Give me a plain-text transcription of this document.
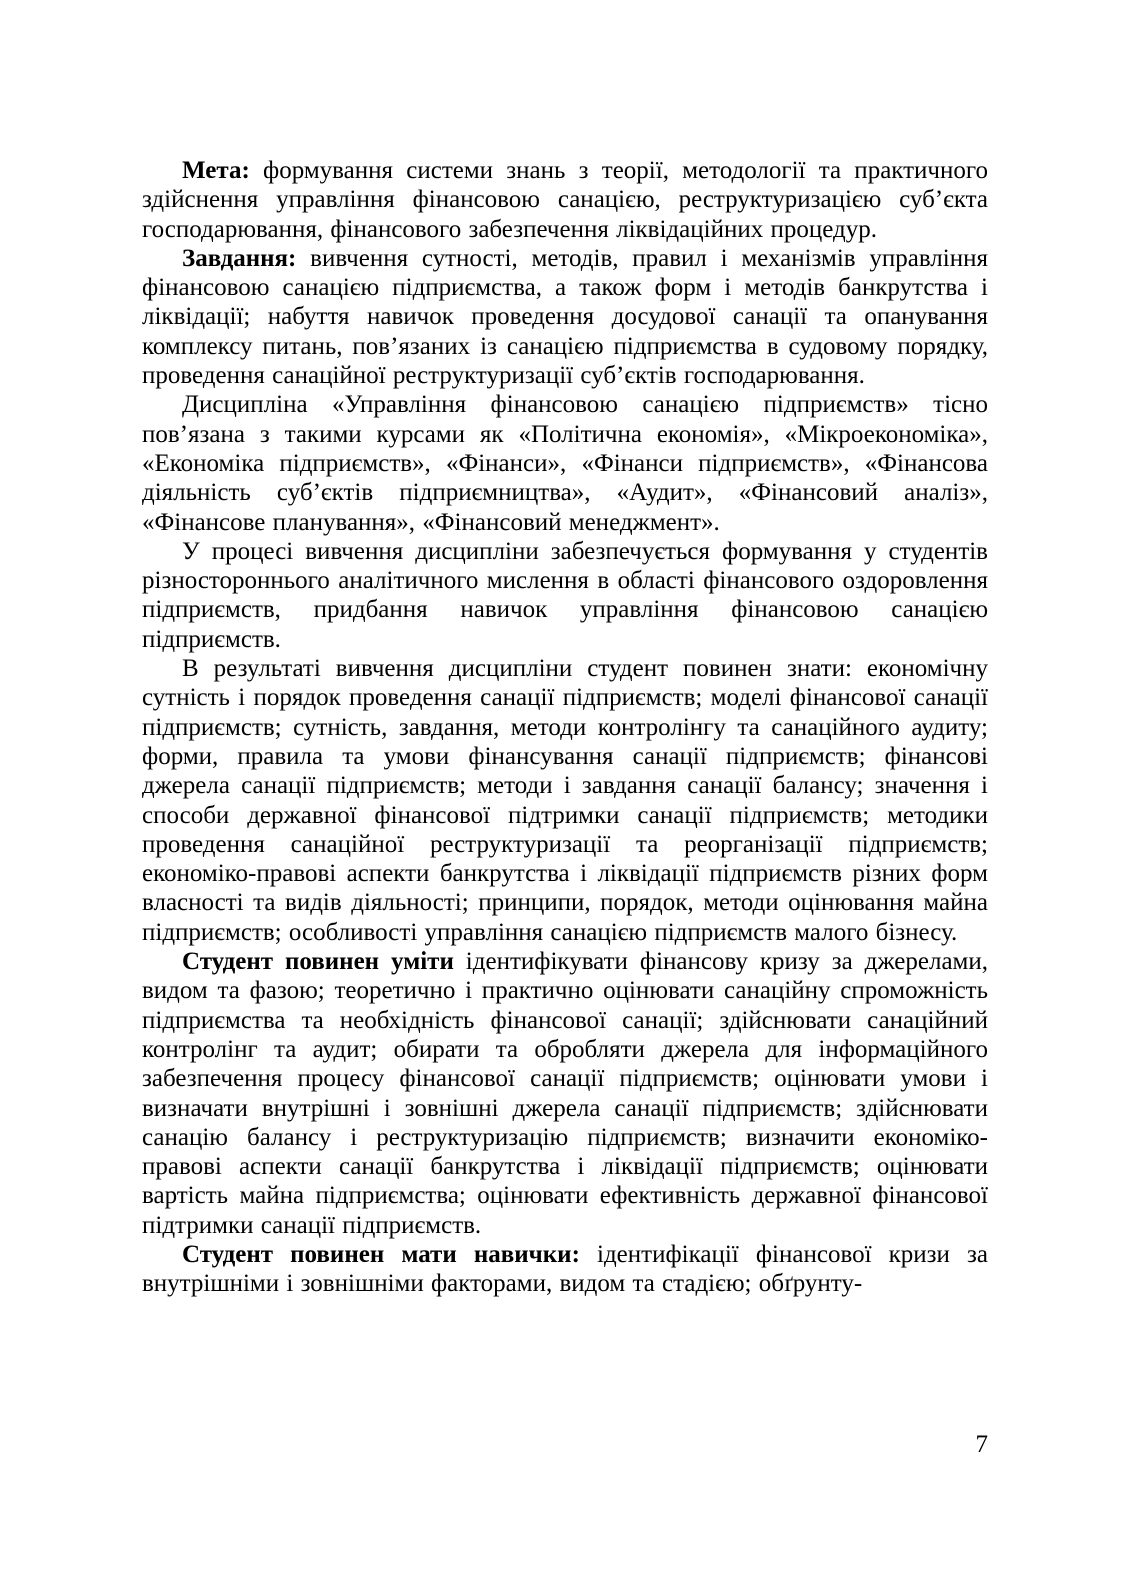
Мета: формування системи знань з теорії, методології та практичного здійснення управління фінансовою санацією, реструктуризацією суб’єкта господарювання, фінансового забезпечення ліквідаційних процедур.

Завдання: вивчення сутності, методів, правил і механізмів управління фінансовою санацією підприємства, а також форм і методів банкрутства і ліквідації; набуття навичок проведення досудової санації та опанування комплексу питань, пов’язаних із санацією підприємства в судовому порядку, проведення санаційної реструктуризації суб’єктів господарювання.

Дисципліна «Управління фінансовою санацією підприємств» тісно пов’язана з такими курсами як «Політична економія», «Мікроекономіка», «Економіка підприємств», «Фінанси», «Фінанси підприємств», «Фінансова діяльність суб’єктів підприємництва», «Аудит», «Фінансовий аналіз», «Фінансове планування», «Фінансовий менеджмент».

У процесі вивчення дисципліни забезпечується формування у студентів різностороннього аналітичного мислення в області фінансового оздоровлення підприємств, придбання навичок управління фінансовою санацією підприємств.

В результаті вивчення дисципліни студент повинен знати: економічну сутність і порядок проведення санації підприємств; моделі фінансової санації підприємств; сутність, завдання, методи контролінгу та санаційного аудиту; форми, правила та умови фінансування санації підприємств; фінансові джерела санації підприємств; методи і завдання санації балансу; значення і способи державної фінансової підтримки санації підприємств; методики проведення санаційної реструктуризації та реорганізації підприємств; економіко-правові аспекти банкрутства і ліквідації підприємств різних форм власності та видів діяльності; принципи, порядок, методи оцінювання майна підприємств; особливості управління санацією підприємств малого бізнесу.

Студент повинен уміти ідентифікувати фінансову кризу за джерелами, видом та фазою; теоретично і практично оцінювати санаційну спроможність підприємства та необхідність фінансової санації; здійснювати санаційний контролінг та аудит; обирати та обробляти джерела для інформаційного забезпечення процесу фінансової санації підприємств; оцінювати умови і визначати внутрішні і зовнішні джерела санації підприємств; здійснювати санацію балансу і реструктуризацію підприємств; визначити економіко-правові аспекти санації банкрутства і ліквідації підприємств; оцінювати вартість майна підприємства; оцінювати ефективність державної фінансової підтримки санації підприємств.

Студент повинен мати навички: ідентифікації фінансової кризи за внутрішніми і зовнішніми факторами, видом та стадією; обґрунту-

7
